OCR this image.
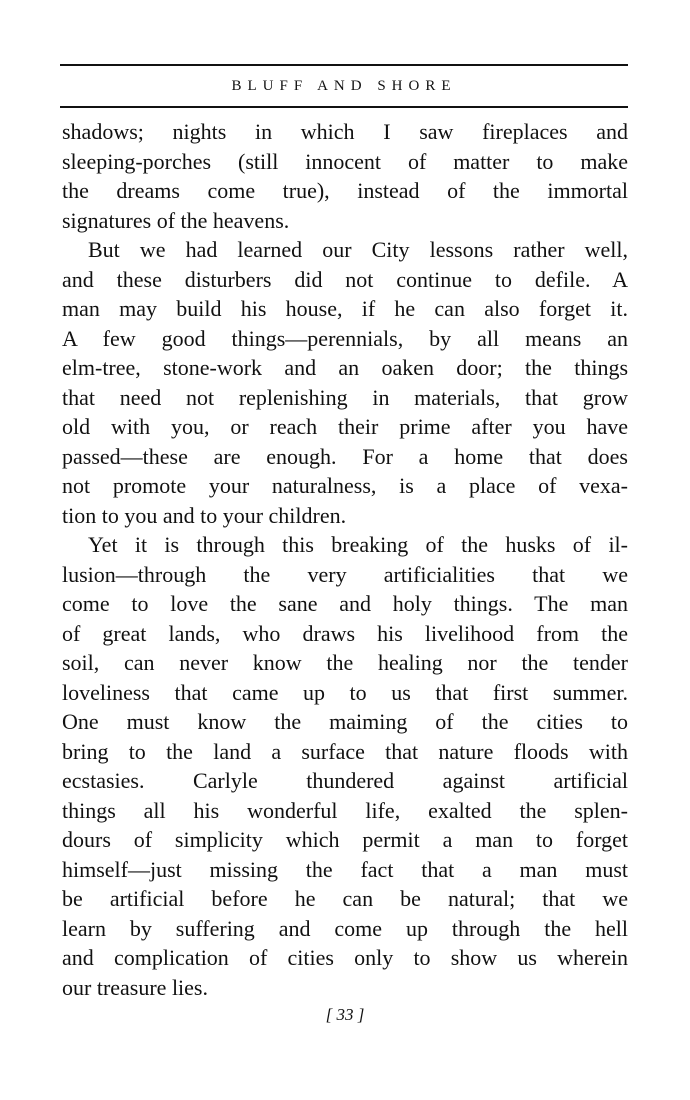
BLUFF AND SHORE
shadows; nights in which I saw fireplaces and
sleeping-porches (still innocent of matter to make
the dreams come true), instead of the immortal
signatures of the heavens.
But we had learned our City lessons rather well,
and these disturbers did not continue to defile. A
man may build his house, if he can also forget it.
A few good things—perennials, by all means an
elm-tree, stone-work and an oaken door; the things
that need not replenishing in materials, that grow
old with you, or reach their prime after you have
passed—these are enough. For a home that does
not promote your naturalness, is a place of vexa-
tion to you and to your children.
Yet it is through this breaking of the husks of il-
lusion—through the very artificialities that we
come to love the sane and holy things. The man
of great lands, who draws his livelihood from the
soil, can never know the healing nor the tender
loveliness that came up to us that first summer.
One must know the maiming of the cities to
bring to the land a surface that nature floods with
ecstasies. Carlyle thundered against artificial
things all his wonderful life, exalted the splen-
dours of simplicity which permit a man to forget
himself—just missing the fact that a man must
be artificial before he can be natural; that we
learn by suffering and come up through the hell
and complication of cities only to show us wherein
our treasure lies.
[ 33 ]
